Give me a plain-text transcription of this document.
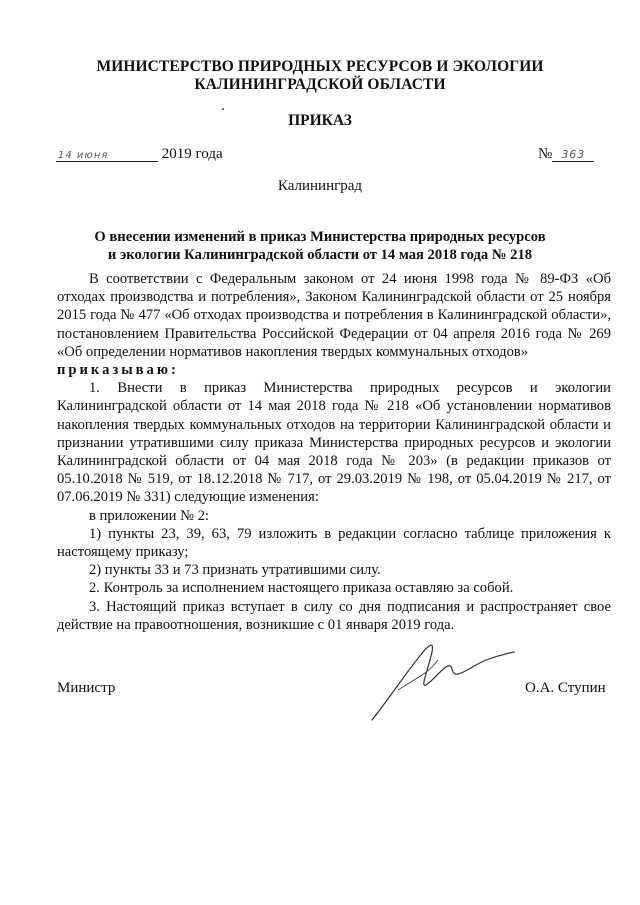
МИНИСТЕРСТВО ПРИРОДНЫХ РЕСУРСОВ И ЭКОЛОГИИ
КАЛИНИНГРАДСКОЙ ОБЛАСТИ
ПРИКАЗ
14 июня	2019 года	№ 363
Калининград
О внесении изменений в приказ Министерства природных ресурсов
и экологии Калининградской области от 14 мая 2018 года № 218

В соответствии с Федеральным законом от 24 июня 1998 года № 89-ФЗ «Об отходах производства и потребления», Законом Калининградской области от 25 ноября 2015 года № 477 «Об отходах производства и потребления в Калининградской области», постановлением Правительства Российской Федерации от 04 апреля 2016 года № 269 «Об определении нормативов накопления твердых коммунальных отходов»

приказываю:

1. Внести в приказ Министерства природных ресурсов и экологии Калининградской области от 14 мая 2018 года № 218 «Об установлении нормативов накопления твердых коммунальных отходов на территории Калининградской области и признании утратившими силу приказа Министерства природных ресурсов и экологии Калининградской области от 04 мая 2018 года № 203» (в редакции приказов от 05.10.2018 № 519, от 18.12.2018 № 717, от 29.03.2019 № 198, от 05.04.2019 № 217, от 07.06.2019 № 331) следующие изменения:

в приложении № 2:

1) пункты 23, 39, 63, 79 изложить в редакции согласно таблице приложения к настоящему приказу;

2) пункты 33 и 73 признать утратившими силу.

2. Контроль за исполнением настоящего приказа оставляю за собой.

3. Настоящий приказ вступает в силу со дня подписания и распространяет свое действие на правоотношения, возникшие с 01 января 2019 года.

Министр	О.А. Ступин
